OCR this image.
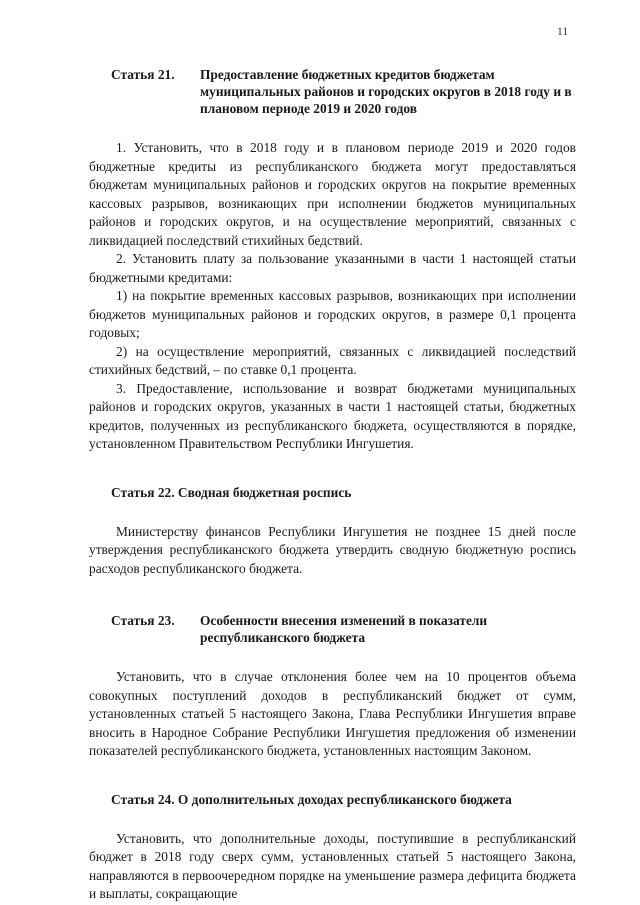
11
Статья 21.	Предоставление бюджетных кредитов бюджетам муниципальных районов и городских округов в 2018 году и в плановом периоде 2019 и 2020 годов

1. Установить, что в 2018 году и в плановом периоде 2019 и 2020 годов бюджетные кредиты из республиканского бюджета могут предоставляться бюджетам муниципальных районов и городских округов на покрытие временных кассовых разрывов, возникающих при исполнении бюджетов муниципальных районов и городских округов, и на осуществление мероприятий, связанных с ликвидацией последствий стихийных бедствий.

2. Установить плату за пользование указанными в части 1 настоящей статьи бюджетными кредитами:

1) на покрытие временных кассовых разрывов, возникающих при исполнении бюджетов муниципальных районов и городских округов, в размере 0,1 процента годовых;

2) на осуществление мероприятий, связанных с ликвидацией последствий стихийных бедствий, – по ставке 0,1 процента.

3. Предоставление, использование и возврат бюджетами муниципальных районов и городских округов, указанных в части 1 настоящей статьи, бюджетных кредитов, полученных из республиканского бюджета, осуществляются в порядке, установленном Правительством Республики Ингушетия.

Статья 22. Сводная бюджетная роспись

Министерству финансов Республики Ингушетия не позднее 15 дней после утверждения республиканского бюджета утвердить сводную бюджетную роспись расходов республиканского бюджета.

Статья 23.	Особенности внесения изменений в показатели республиканского бюджета

Установить, что в случае отклонения более чем на 10 процентов объема совокупных поступлений доходов в республиканский бюджет от сумм, установленных статьей 5 настоящего Закона, Глава Республики Ингушетия вправе вносить в Народное Собрание Республики Ингушетия предложения об изменении показателей республиканского бюджета, установленных настоящим Законом.

Статья 24. О дополнительных доходах республиканского бюджета

Установить, что дополнительные доходы, поступившие в республиканский бюджет в 2018 году сверх сумм, установленных статьей 5 настоящего Закона, направляются в первоочередном порядке на уменьшение размера дефицита бюджета и выплаты, сокращающие
